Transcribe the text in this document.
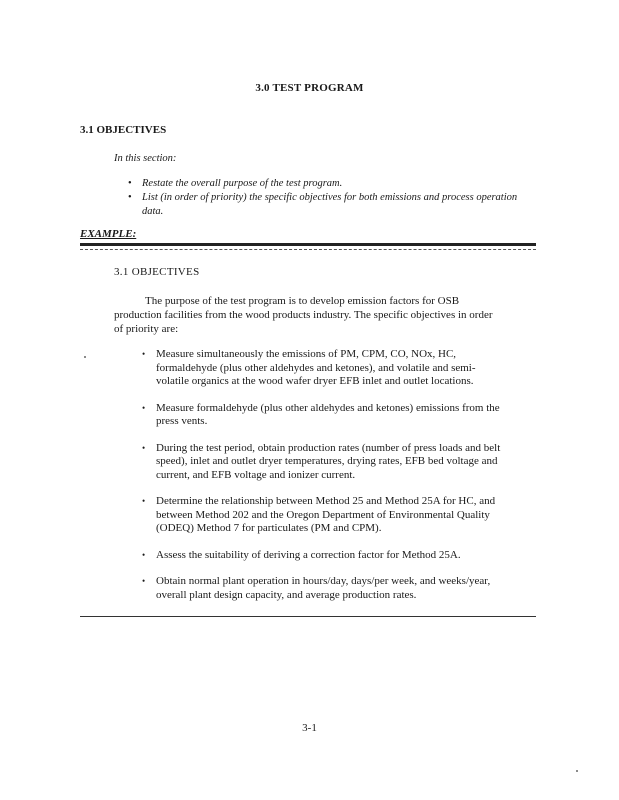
3.0 TEST PROGRAM
3.1 OBJECTIVES
In this section:
• Restate the overall purpose of the test program.
• List (in order of priority) the specific objectives for both emissions and process operation data.
EXAMPLE:
3.1 OBJECTIVES
The purpose of the test program is to develop emission factors for OSB production facilities from the wood products industry. The specific objectives in order of priority are:
• Measure simultaneously the emissions of PM, CPM, CO, NOx, HC, formaldehyde (plus other aldehydes and ketones), and volatile and semi-volatile organics at the wood wafer dryer EFB inlet and outlet locations.
• Measure formaldehyde (plus other aldehydes and ketones) emissions from the press vents.
• During the test period, obtain production rates (number of press loads and belt speed), inlet and outlet dryer temperatures, drying rates, EFB bed voltage and current, and EFB voltage and ionizer current.
• Determine the relationship between Method 25 and Method 25A for HC, and between Method 202 and the Oregon Department of Environmental Quality (ODEQ) Method 7 for particulates (PM and CPM).
• Assess the suitability of deriving a correction factor for Method 25A.
• Obtain normal plant operation in hours/day, days/per week, and weeks/year, overall plant design capacity, and average production rates.
3-1
